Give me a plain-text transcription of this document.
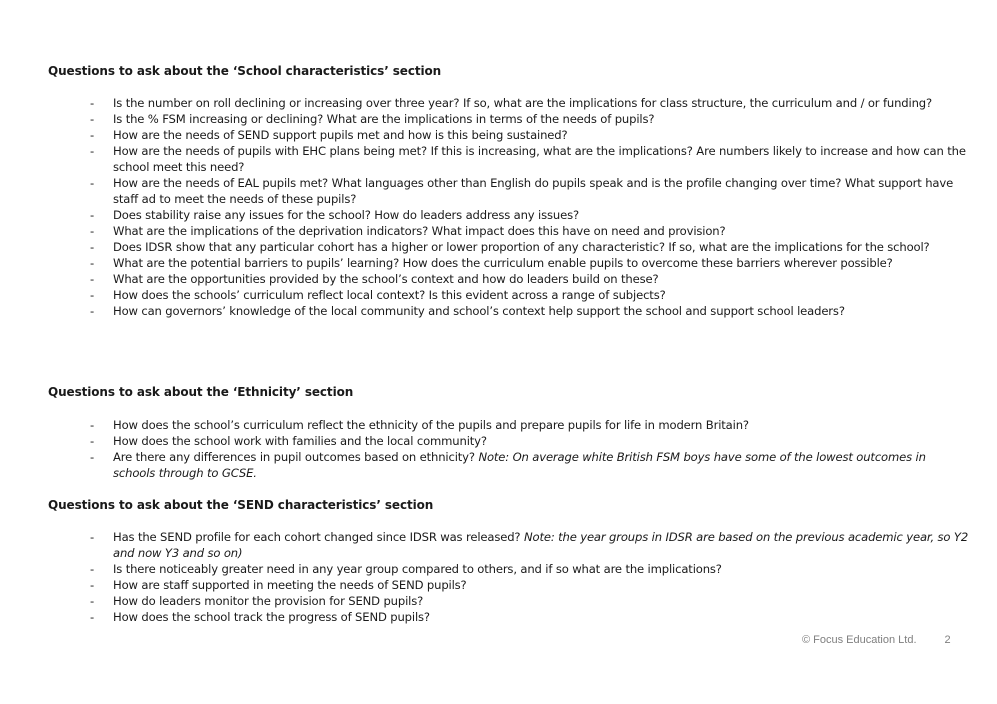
Questions to ask about the ‘School characteristics’ section
- Is the number on roll declining or increasing over three year? If so, what are the implications for class structure, the curriculum and / or funding?
- Is the % FSM increasing or declining? What are the implications in terms of the needs of pupils?
- How are the needs of SEND support pupils met and how is this being sustained?
- How are the needs of pupils with EHC plans being met? If this is increasing, what are the implications? Are numbers likely to increase and how can the school meet this need?
- How are the needs of EAL pupils met? What languages other than English do pupils speak and is the profile changing over time? What support have staff ad to meet the needs of these pupils?
- Does stability raise any issues for the school? How do leaders address any issues?
- What are the implications of the deprivation indicators? What impact does this have on need and provision?
- Does IDSR show that any particular cohort has a higher or lower proportion of any characteristic? If so, what are the implications for the school?
- What are the potential barriers to pupils’ learning? How does the curriculum enable pupils to overcome these barriers wherever possible?
- What are the opportunities provided by the school’s context and how do leaders build on these?
- How does the schools’ curriculum reflect local context? Is this evident across a range of subjects?
- How can governors’ knowledge of the local community and school’s context help support the school and support school leaders?
Questions to ask about the ‘Ethnicity’ section
- How does the school’s curriculum reflect the ethnicity of the pupils and prepare pupils for life in modern Britain?
- How does the school work with families and the local community?
- Are there any differences in pupil outcomes based on ethnicity? Note: On average white British FSM boys have some of the lowest outcomes in schools through to GCSE.
Questions to ask about the ‘SEND characteristics’ section
- Has the SEND profile for each cohort changed since IDSR was released? Note: the year groups in IDSR are based on the previous academic year, so Y2 and now Y3 and so on)
- Is there noticeably greater need in any year group compared to others, and if so what are the implications?
- How are staff supported in meeting the needs of SEND pupils?
- How do leaders monitor the provision for SEND pupils?
- How does the school track the progress of SEND pupils?
© Focus Education Ltd.	2
